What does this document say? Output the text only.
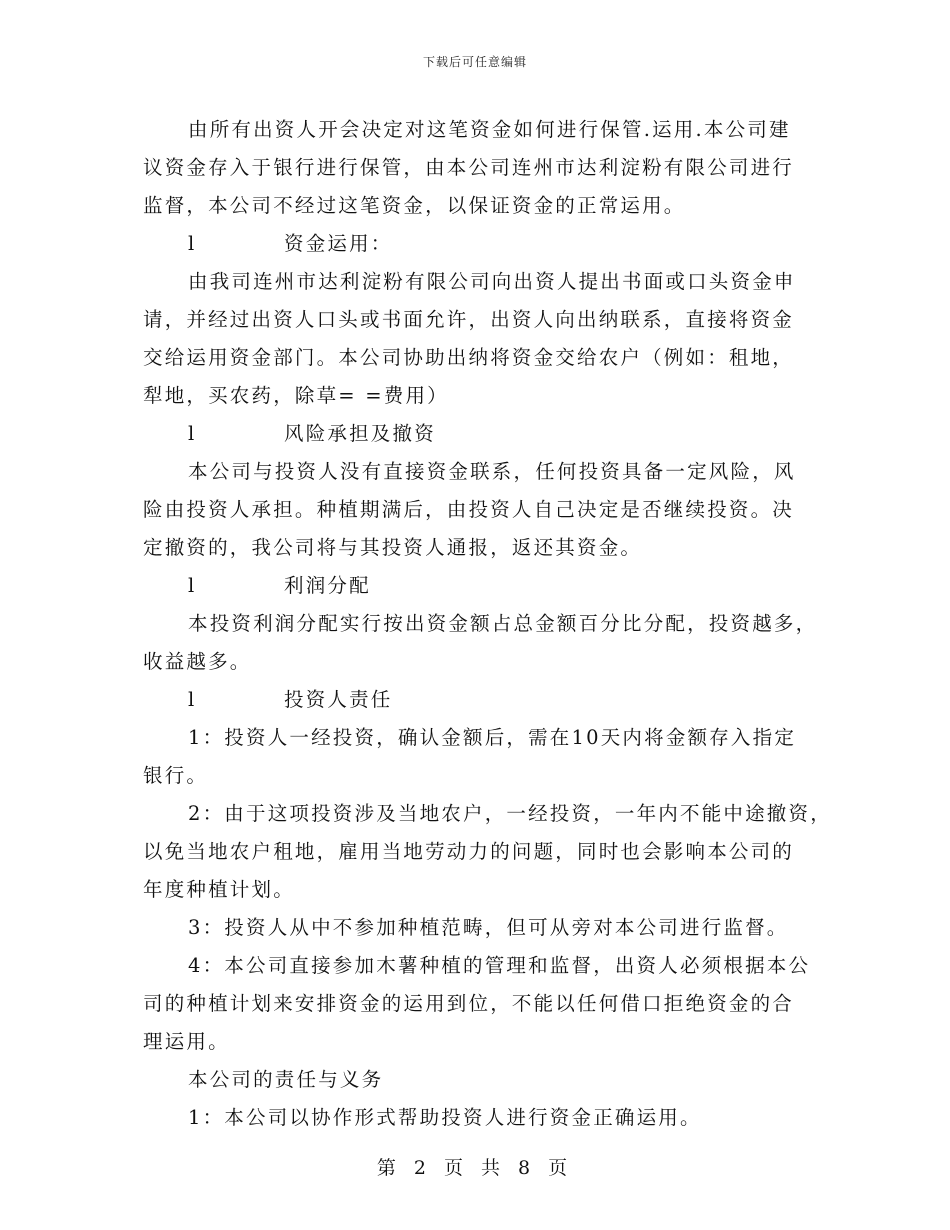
下载后可任意编辑
由所有出资人开会决定对这笔资金如何进行保管.运用.本公司建
议资金存入于银行进行保管，由本公司连州市达利淀粉有限公司进行
监督，本公司不经过这笔资金，以保证资金的正常运用。
l	资金运用：
由我司连州市达利淀粉有限公司向出资人提出书面或口头资金申
请，并经过出资人口头或书面允许，出资人向出纳联系，直接将资金
交给运用资金部门。本公司协助出纳将资金交给农户（例如：租地，
犁地，买农药，除草= =费用）
l	风险承担及撤资
本公司与投资人没有直接资金联系，任何投资具备一定风险，风
险由投资人承担。种植期满后，由投资人自己决定是否继续投资。决
定撤资的，我公司将与其投资人通报，返还其资金。
l	利润分配
本投资利润分配实行按出资金额占总金额百分比分配，投资越多，
收益越多。
l	投资人责任
1：投资人一经投资，确认金额后，需在10天内将金额存入指定
银行。
2：由于这项投资涉及当地农户，一经投资，一年内不能中途撤资，
以免当地农户租地，雇用当地劳动力的问题，同时也会影响本公司的
年度种植计划。
3：投资人从中不参加种植范畴，但可从旁对本公司进行监督。
4：本公司直接参加木薯种植的管理和监督，出资人必须根据本公
司的种植计划来安排资金的运用到位，不能以任何借口拒绝资金的合
理运用。
本公司的责任与义务
1：本公司以协作形式帮助投资人进行资金正确运用。
第 2 页 共 8 页
